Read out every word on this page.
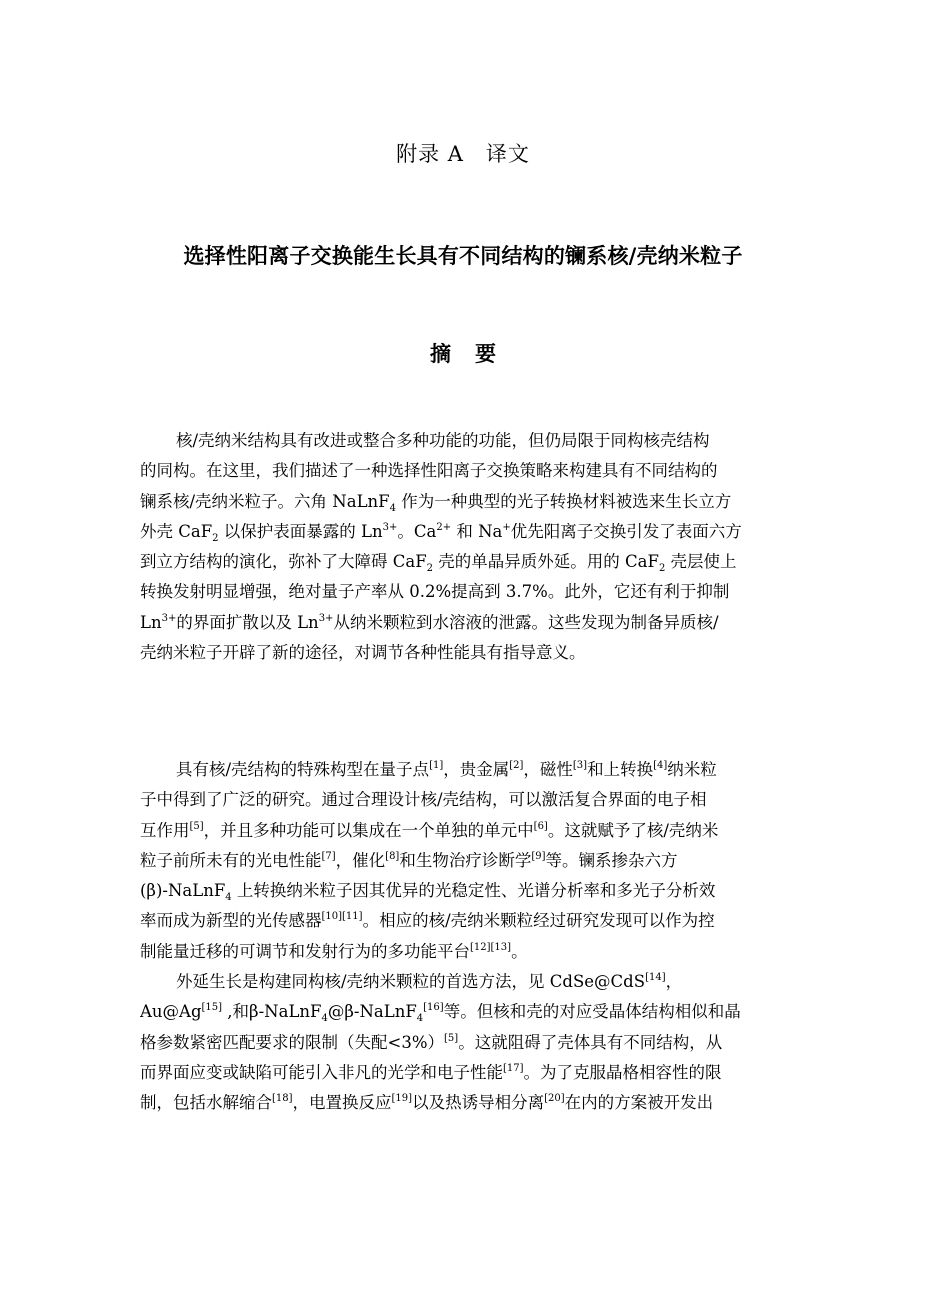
附录 A 译文
选择性阳离子交换能生长具有不同结构的镧系核/壳纳米粒子
摘 要
核/壳纳米结构具有改进或整合多种功能的功能，但仍局限于同构核壳结构
的同构。在这里，我们描述了一种选择性阳离子交换策略来构建具有不同结构的
镧系核/壳纳米粒子。六角 NaLnF$_4$ 作为一种典型的光子转换材料被选来生长立方
外壳 CaF$_2$ 以保护表面暴露的 $Ln^{3+}$。$Ca^{2+}$ 和 Na+优先阳离子交换引发了表面六方
到立方结构的演化，弥补了大障碍 CaF$_2$ 壳的单晶异质外延。用的 CaF$_2$ 壳层使上
转换发射明显增强，绝对量子产率从 0.2%提高到 3.7%。此外，它还有利于抑制
$Ln^{3+}$的界面扩散以及 $Ln^{3+}$从纳米颗粒到水溶液的泄露。这些发现为制备异质核/
壳纳米粒子开辟了新的途径，对调节各种性能具有指导意义。
具有核/壳结构的特殊构型在量子点[1]，贵金属[2]，磁性[3]和上转换[4]纳米粒
子中得到了广泛的研究。通过合理设计核/壳结构，可以激活复合界面的电子相
互作用[5]，并且多种功能可以集成在一个单独的单元中[6]。这就赋予了核/壳纳米
粒子前所未有的光电性能[7]，催化[8]和生物治疗诊断学[9]等。镧系掺杂六方
(β)-NaLnF$_4$ 上转换纳米粒子因其优异的光稳定性、光谱分析率和多光子分析效
率而成为新型的光传感器[10][11]。相应的核/壳纳米颗粒经过研究发现可以作为控
制能量迁移的可调节和发射行为的多功能平台[12][13]。
外延生长是构建同构核/壳纳米颗粒的首选方法，见 CdSe@CdS[14]，
Au@Ag[15] ,和β-NaLnF$_4$@β-NaLnF$_4$[16]等。但核和壳的对应受晶体结构相似和晶
格参数紧密匹配要求的限制（失配<3%）[5]。这就阻碍了壳体具有不同结构，从
而界面应变或缺陷可能引入非凡的光学和电子性能[17]。为了克服晶格相容性的限
制，包括水解缩合[18]，电置换反应[19]以及热诱导相分离[20]在内的方案被开发出
